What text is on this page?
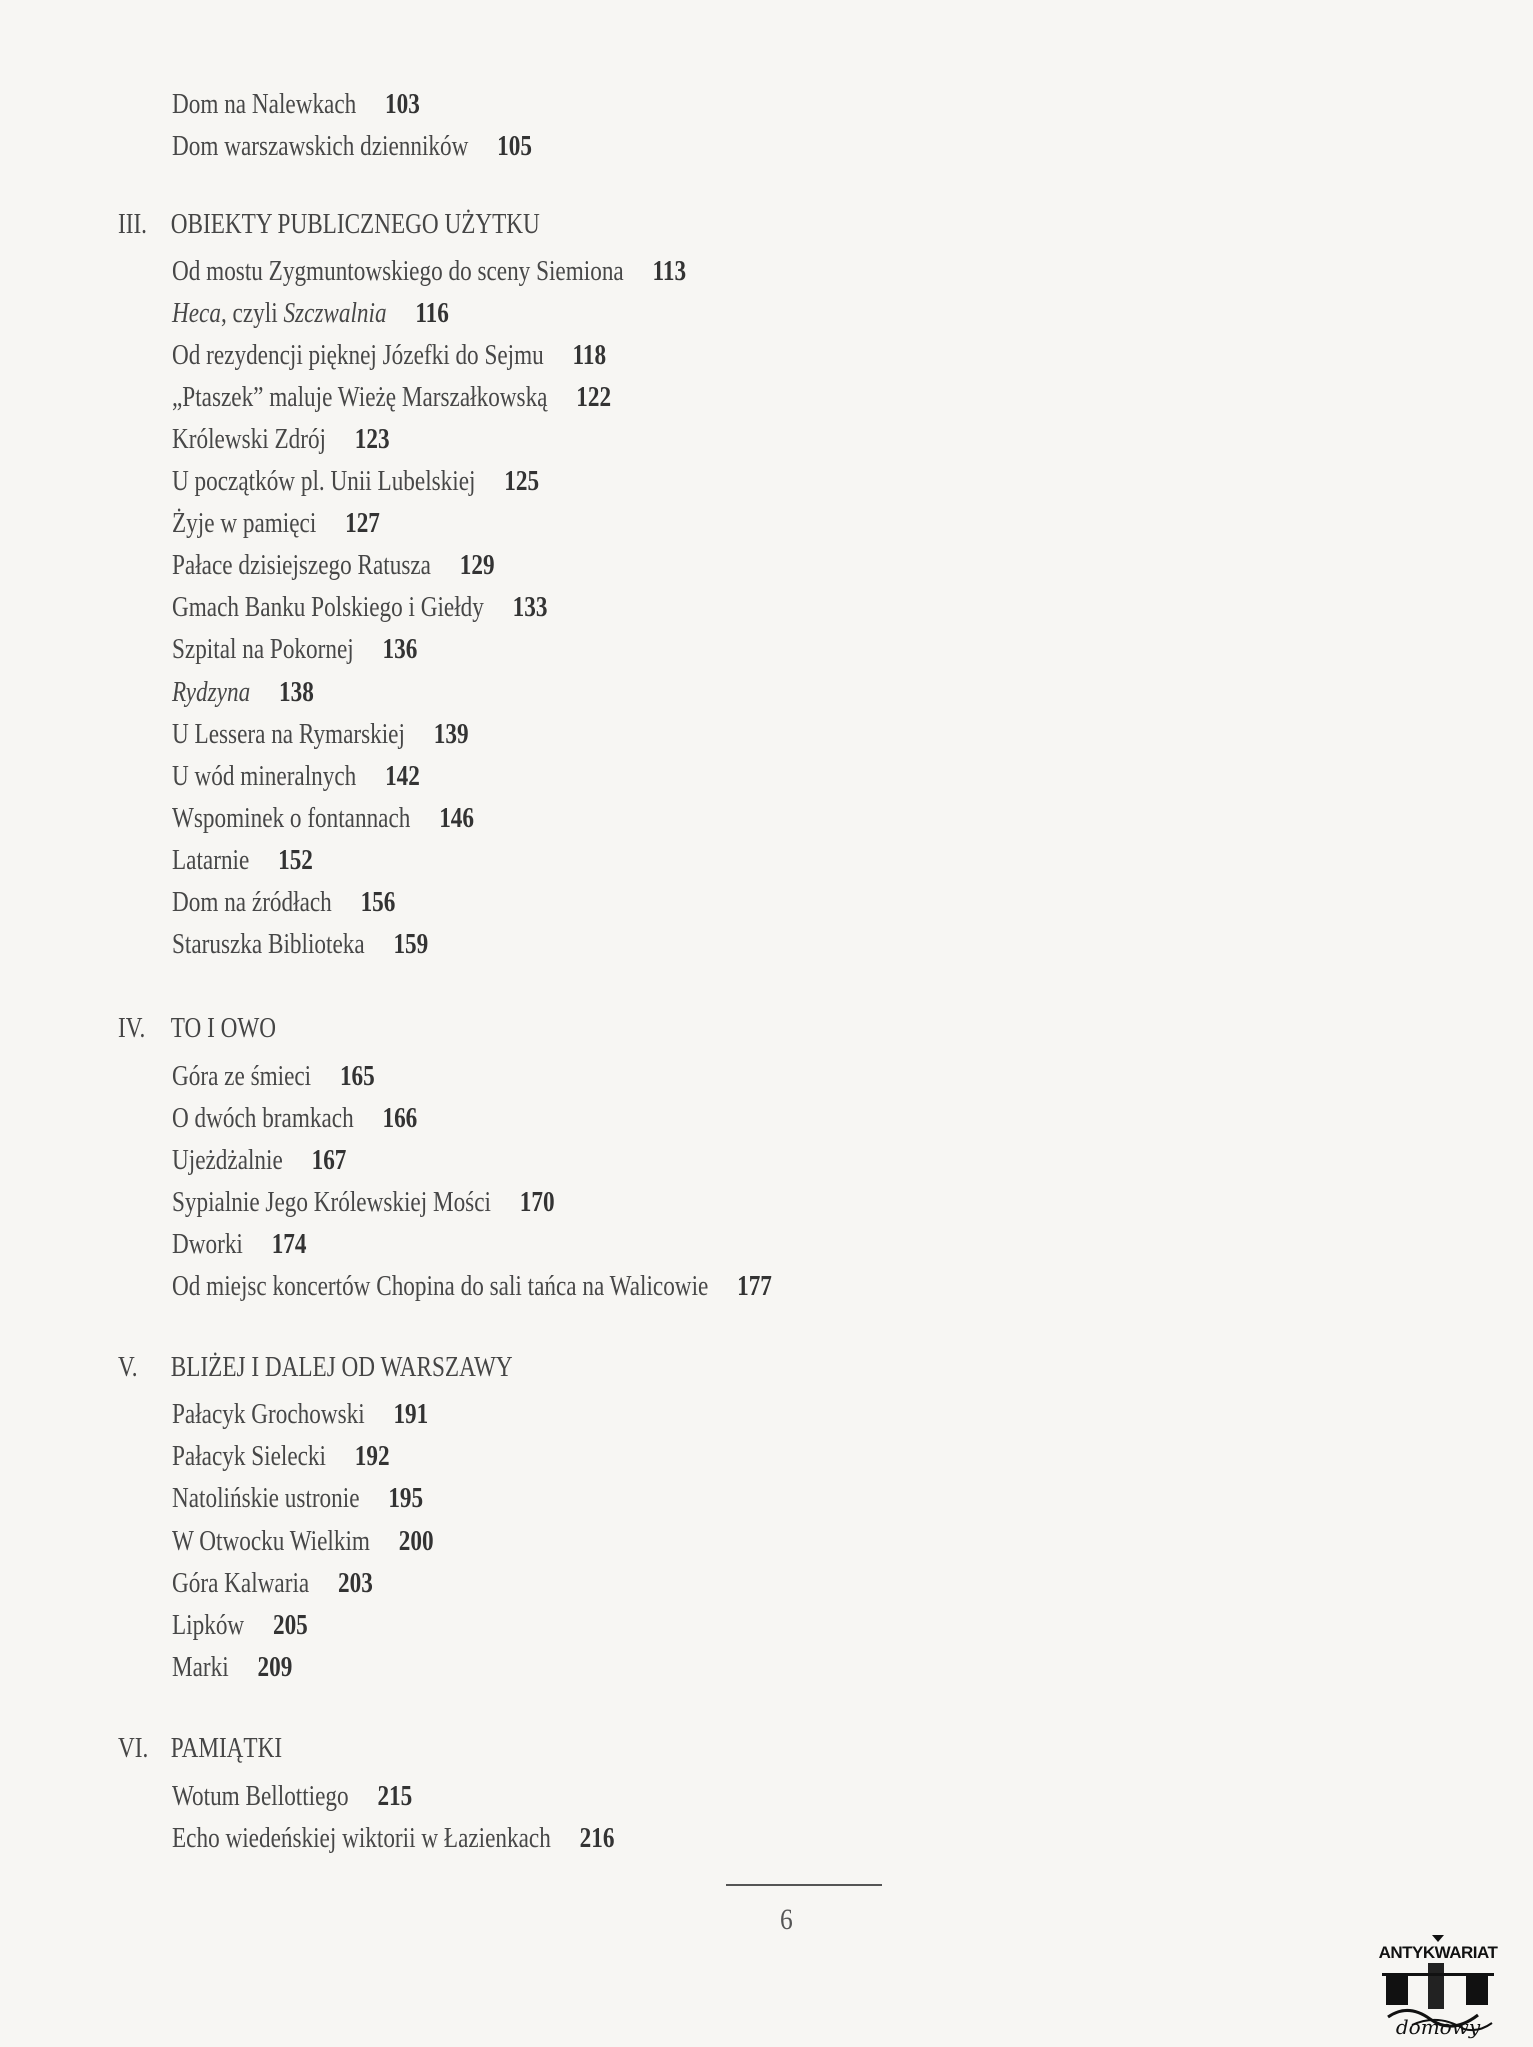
Dom na Nalewkach 103
Dom warszawskich dzienników 105
III. OBIEKTY PUBLICZNEGO UŻYTKU
Od mostu Zygmuntowskiego do sceny Siemiona 113
Heca, czyli Szczwalnia 116
Od rezydencji pięknej Józefki do Sejmu 118
„Ptaszek” maluje Wieżę Marszałkowską 122
Królewski Zdrój 123
U początków pl. Unii Lubelskiej 125
Żyje w pamięci 127
Pałace dzisiejszego Ratusza 129
Gmach Banku Polskiego i Giełdy 133
Szpital na Pokornej 136
Rydzyna 138
U Lessera na Rymarskiej 139
U wód mineralnych 142
Wspominek o fontannach 146
Latarnie 152
Dom na źródłach 156
Staruszka Biblioteka 159
IV. TO I OWO
Góra ze śmieci 165
O dwóch bramkach 166
Ujeżdżalnie 167
Sypialnie Jego Królewskiej Mości 170
Dworki 174
Od miejsc koncertów Chopina do sali tańca na Walicowie 177
V. BLIŻEJ I DALEJ OD WARSZAWY
Pałacyk Grochowski 191
Pałacyk Sielecki 192
Natolińskie ustronie 195
W Otwocku Wielkim 200
Góra Kalwaria 203
Lipków 205
Marki 209
VI. PAMIĄTKI
Wotum Bellottiego 215
Echo wiedeńskiej wiktorii w Łazienkach 216
6
ANTYKWARIAT
domowy
